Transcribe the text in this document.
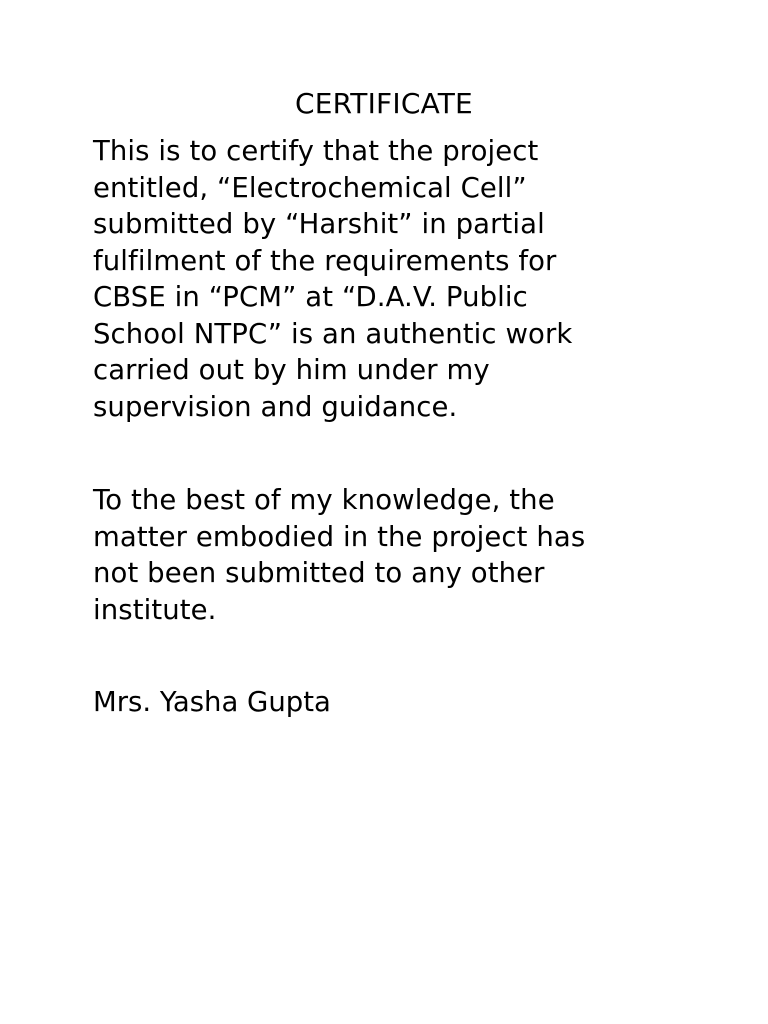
CERTIFICATE

This is to certify that the project
entitled, “Electrochemical Cell”
submitted by “Harshit” in partial
fulfilment of the requirements for
CBSE in “PCM” at “D.A.V. Public
School NTPC” is an authentic work
carried out by him under my
supervision and guidance.

To the best of my knowledge, the
matter embodied in the project has
not been submitted to any other
institute.

Mrs. Yasha Gupta
